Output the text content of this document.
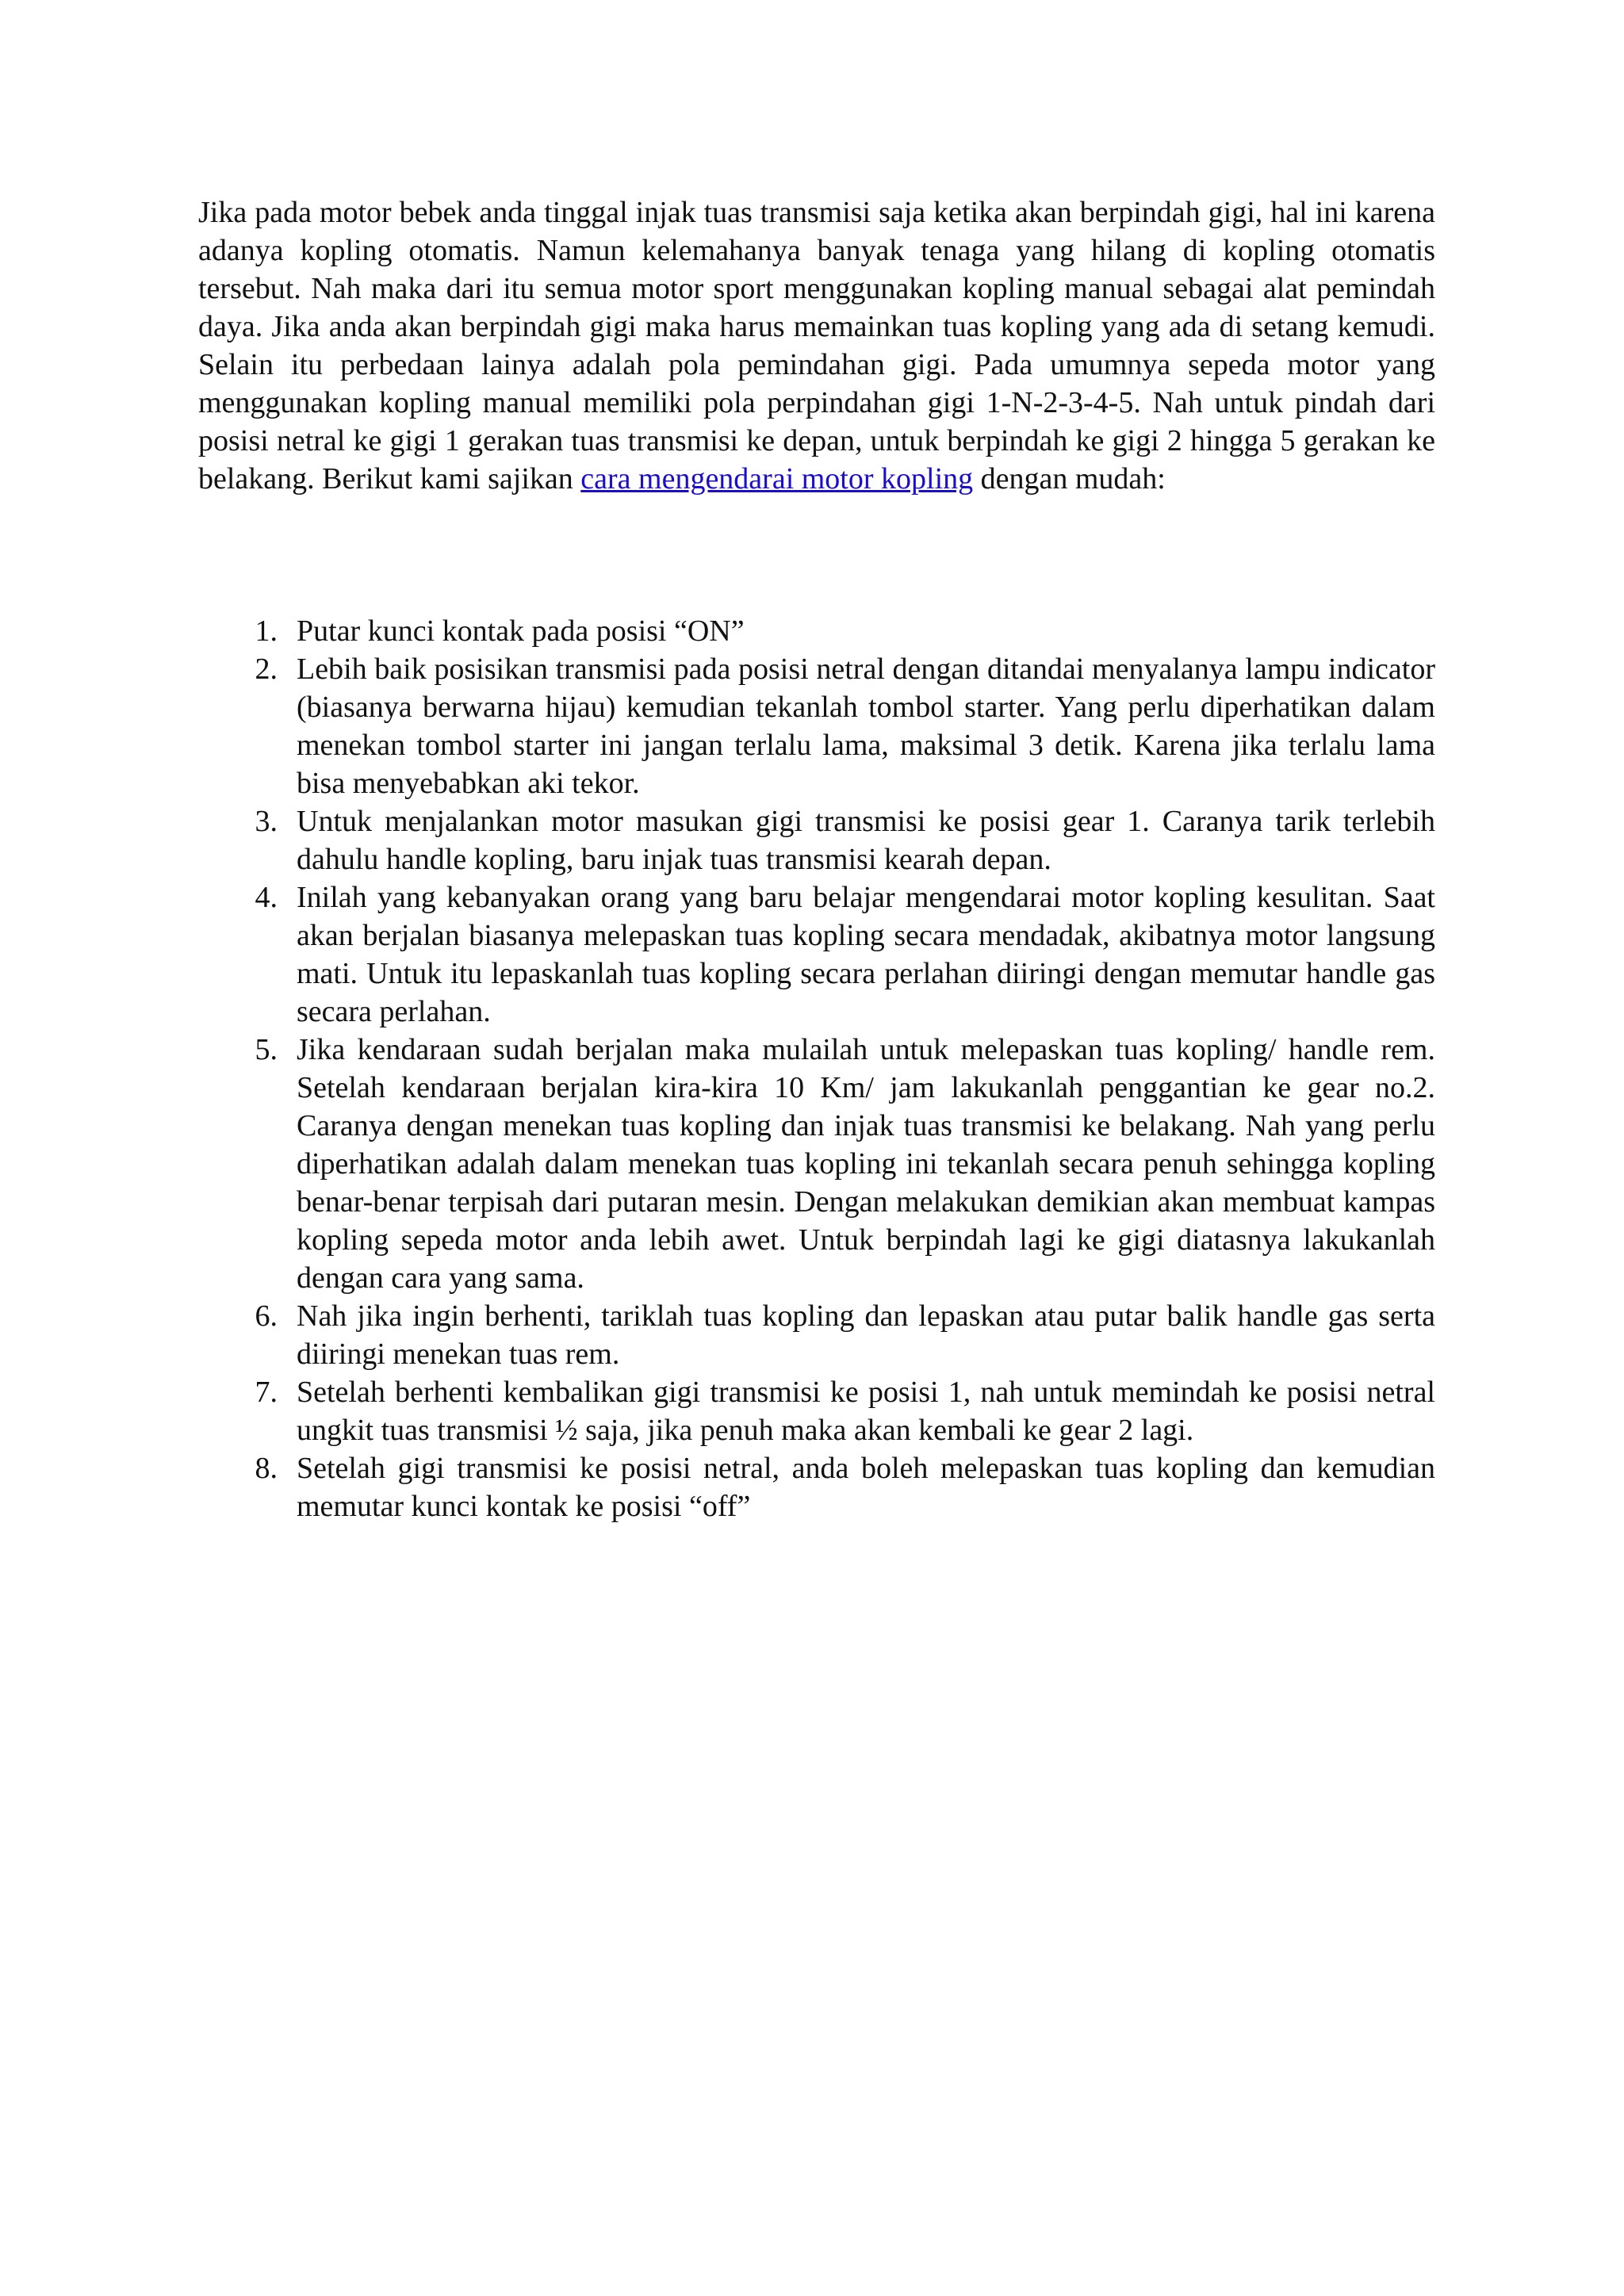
Jika pada motor bebek anda tinggal injak tuas transmisi saja ketika akan berpindah gigi, hal ini karena adanya kopling otomatis. Namun kelemahanya banyak tenaga yang hilang di kopling otomatis tersebut. Nah maka dari itu semua motor sport menggunakan kopling manual sebagai alat pemindah daya. Jika anda akan berpindah gigi maka harus memainkan tuas kopling yang ada di setang kemudi. Selain itu perbedaan lainya adalah pola pemindahan gigi. Pada umumnya sepeda motor yang menggunakan kopling manual memiliki pola perpindahan gigi 1-N-2-3-4-5. Nah untuk pindah dari posisi netral ke gigi 1 gerakan tuas transmisi ke depan, untuk berpindah ke gigi 2 hingga 5 gerakan ke belakang. Berikut kami sajikan cara mengendarai motor kopling dengan mudah:

1. Putar kunci kontak pada posisi “ON”
2. Lebih baik posisikan transmisi pada posisi netral dengan ditandai menyalanya lampu indicator (biasanya berwarna hijau) kemudian tekanlah tombol starter. Yang perlu diperhatikan dalam menekan tombol starter ini jangan terlalu lama, maksimal 3 detik. Karena jika terlalu lama bisa menyebabkan aki tekor.
3. Untuk menjalankan motor masukan gigi transmisi ke posisi gear 1. Caranya tarik terlebih dahulu handle kopling, baru injak tuas transmisi kearah depan.
4. Inilah yang kebanyakan orang yang baru belajar mengendarai motor kopling kesulitan. Saat akan berjalan biasanya melepaskan tuas kopling secara mendadak, akibatnya motor langsung mati. Untuk itu lepaskanlah tuas kopling secara perlahan diiringi dengan memutar handle gas secara perlahan.
5. Jika kendaraan sudah berjalan maka mulailah untuk melepaskan tuas kopling/ handle rem. Setelah kendaraan berjalan kira-kira 10 Km/ jam lakukanlah penggantian ke gear no.2. Caranya dengan menekan tuas kopling dan injak tuas transmisi ke belakang. Nah yang perlu diperhatikan adalah dalam menekan tuas kopling ini tekanlah secara penuh sehingga kopling benar-benar terpisah dari putaran mesin. Dengan melakukan demikian akan membuat kampas kopling sepeda motor anda lebih awet. Untuk berpindah lagi ke gigi diatasnya lakukanlah dengan cara yang sama.
6. Nah jika ingin berhenti, tariklah tuas kopling dan lepaskan atau putar balik handle gas serta diiringi menekan tuas rem.
7. Setelah berhenti kembalikan gigi transmisi ke posisi 1, nah untuk memindah ke posisi netral ungkit tuas transmisi ½ saja, jika penuh maka akan kembali ke gear 2 lagi.
8. Setelah gigi transmisi ke posisi netral, anda boleh melepaskan tuas kopling dan kemudian memutar kunci kontak ke posisi “off”
